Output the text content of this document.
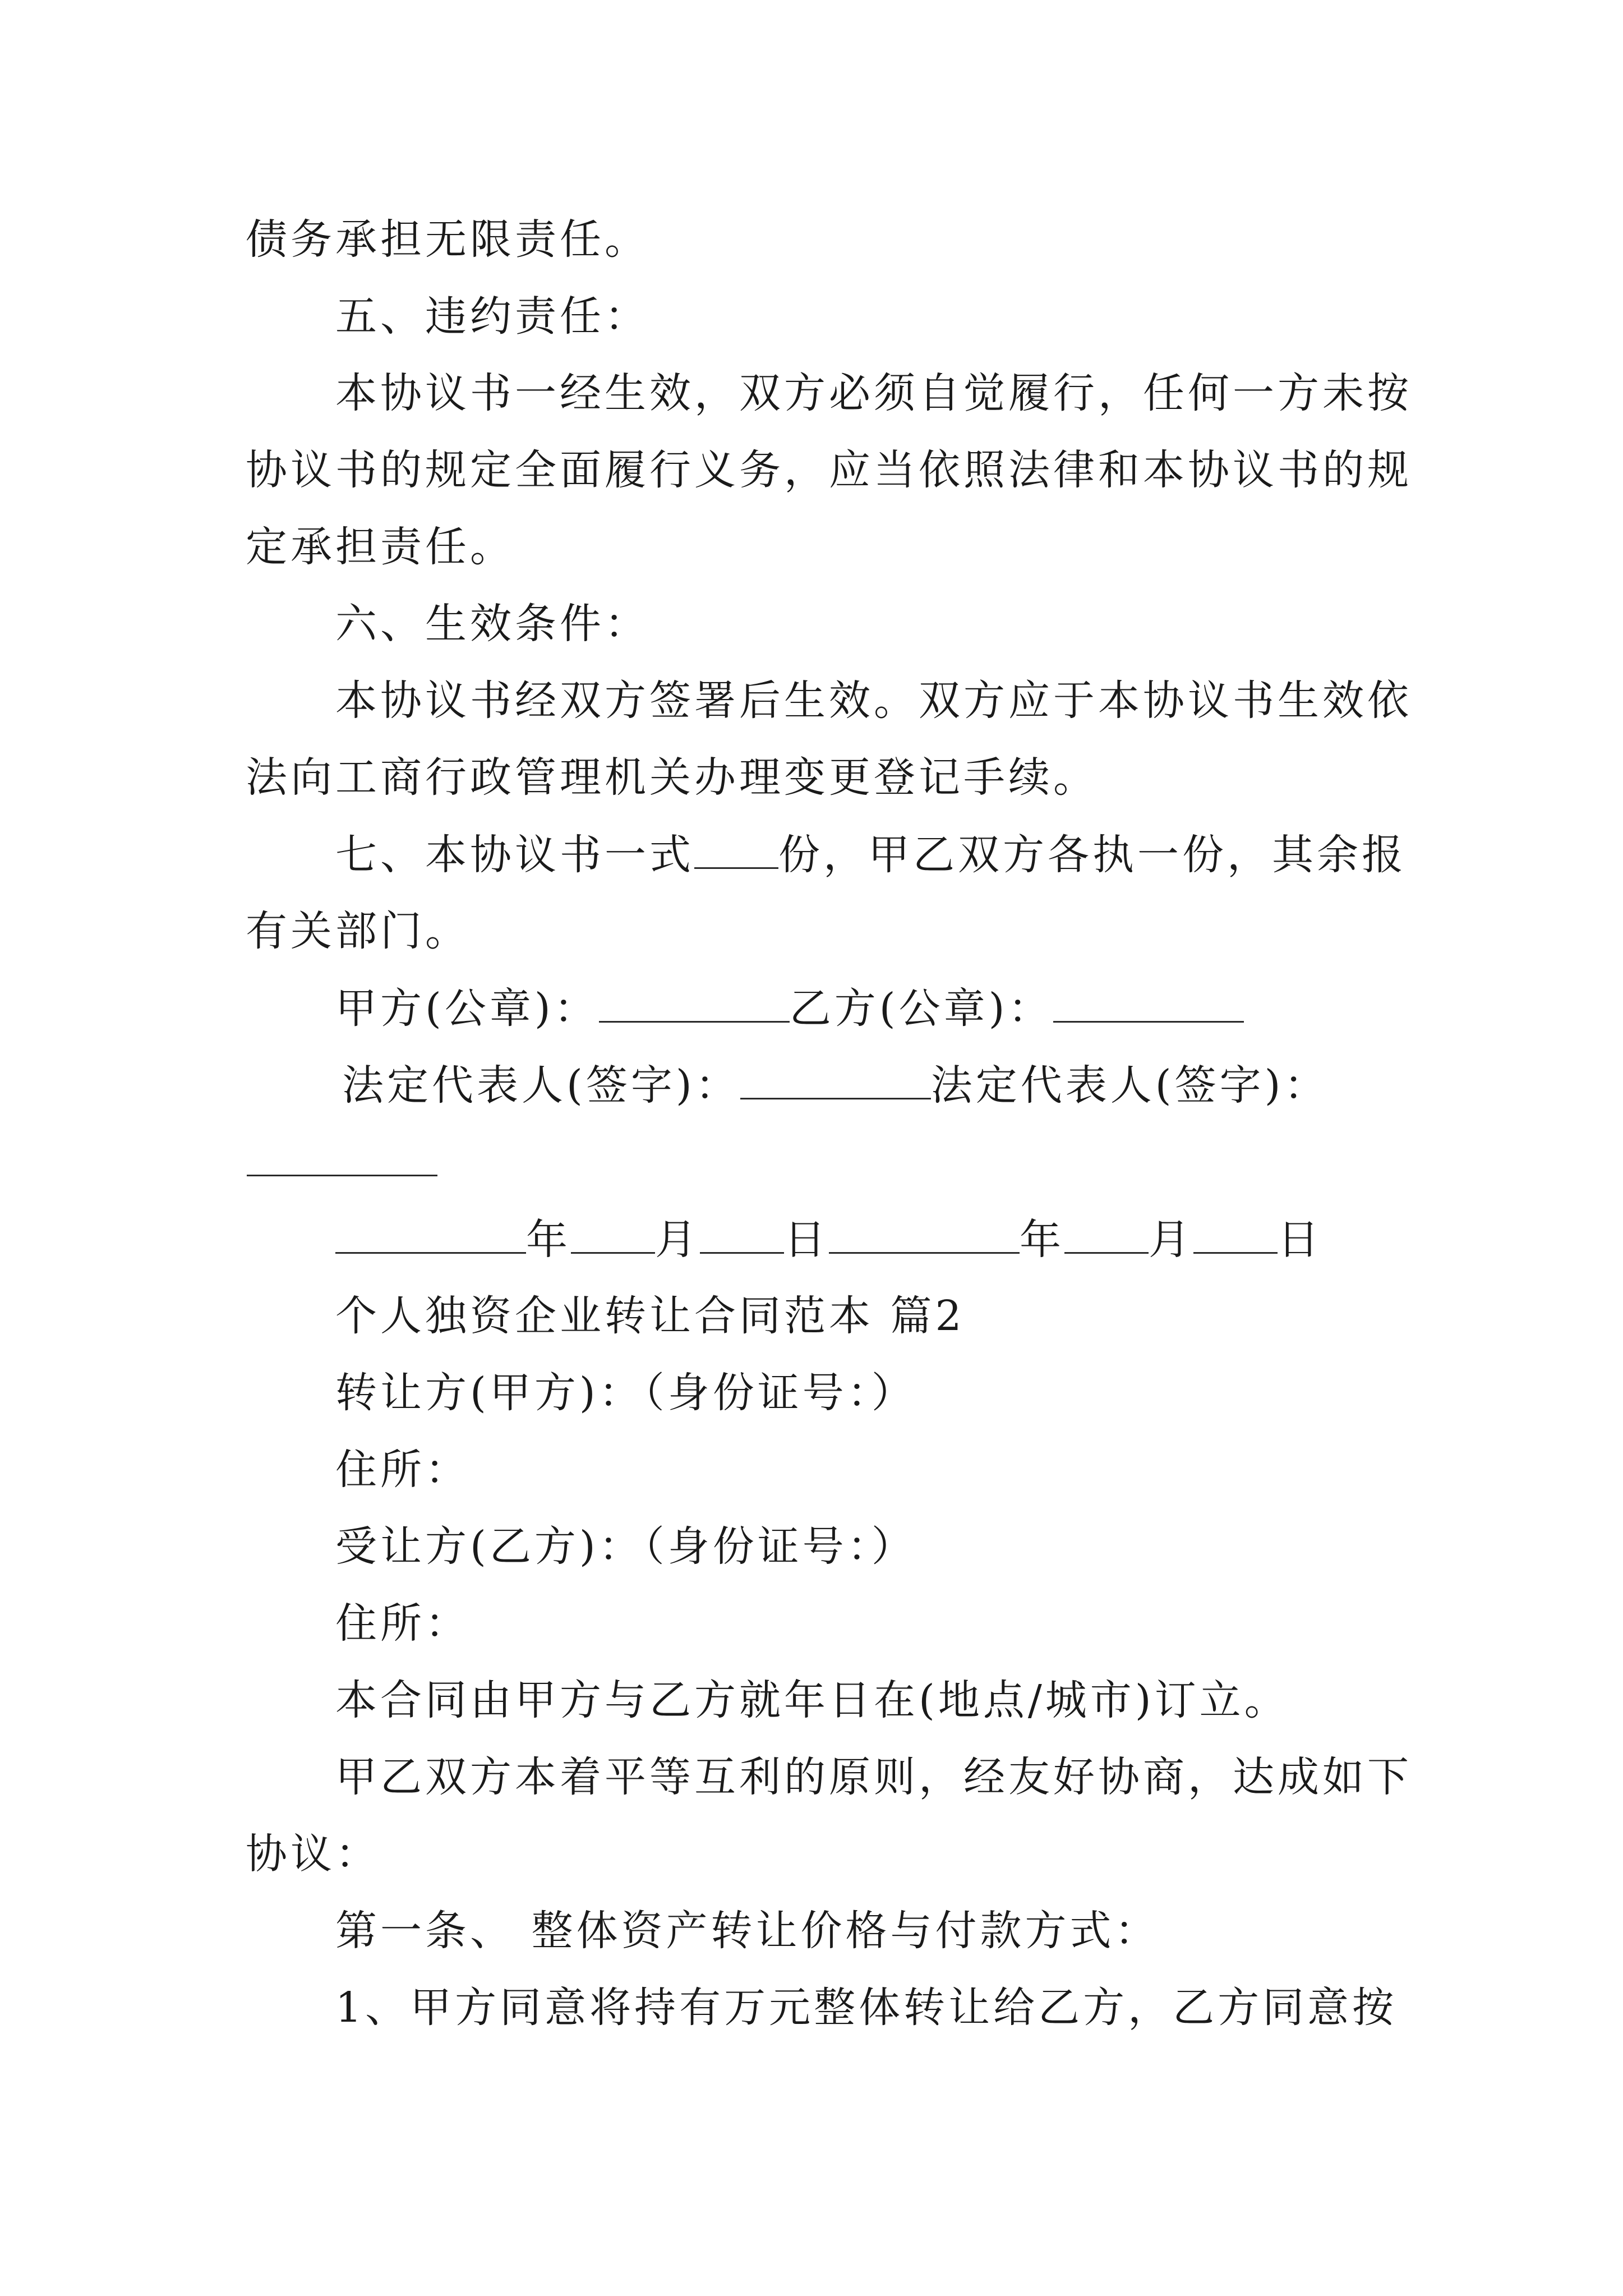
债务承担无限责任。
五、违约责任：
本协议书一经生效，双方必须自觉履行，任何一方未按
协议书的规定全面履行义务，应当依照法律和本协议书的规
定承担责任。
六、生效条件：
本协议书经双方签署后生效。双方应于本协议书生效依
法向工商行政管理机关办理变更登记手续。
七、本协议书一式 份，甲乙双方各执一份，其余报
有关部门。
甲方(公章)：	乙方(公章)：
法定代表人(签字)：	法定代表人(签字)：
年 月 日	年 月 日
个人独资企业转让合同范本 篇2
转让方(甲方)：（身份证号：）
住所：
受让方(乙方)：（身份证号：）
住所：
本合同由甲方与乙方就年日在(地点/城市)订立。
甲乙双方本着平等互利的原则，经友好协商，达成如下
协议：
第一条、 整体资产转让价格与付款方式：
1、甲方同意将持有万元整体转让给乙方，乙方同意按
